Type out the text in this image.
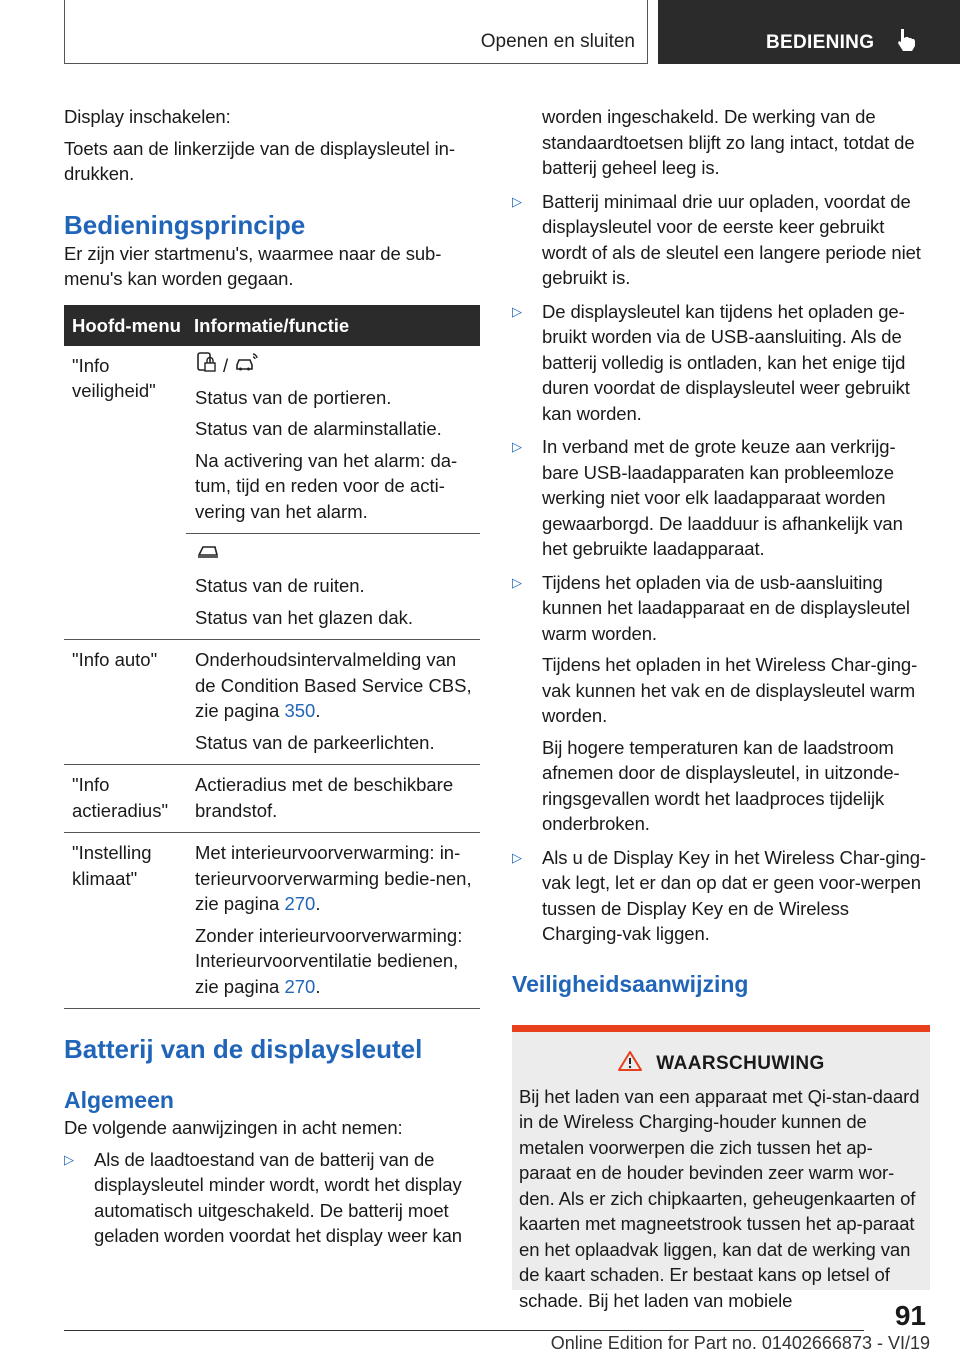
Openen en sluiten	BEDIENING

Display inschakelen:

Toets aan de linkerzijde van de displaysleutel in-drukken.

Bedieningsprincipe

Er zijn vier startmenu's, waarmee naar de sub-menu's kan worden gegaan.

Hoofd-menu	Informatie/functie
"Info veiligheid"	/
Status van de portieren.
Status van de alarminstallatie.
Na activering van het alarm: da-tum, tijd en reden voor de acti-vering van het alarm.

	Status van de ruiten.
Status van het glazen dak.

"Info auto"	Onderhoudsintervalmelding van de Condition Based Service CBS, zie pagina 350.
Status van de parkeerlichten.

"Info actieradius"	Actieradius met de beschikbare brandstof.

"Instelling klimaat"	Met interieurvoorverwarming: in-terieurvoorverwarming bedie-nen, zie pagina 270.
Zonder interieurvoorverwarming: Interieurvoorventilatie bedienen, zie pagina 270.
Batterij van de displaysleutel
Algemeen

De volgende aanwijzingen in acht nemen:

▷	Als de laadtoestand van de batterij van de displaysleutel minder wordt, wordt het display automatisch uitgeschakeld. De batterij moet geladen worden voordat het display weer kan

worden ingeschakeld. De werking van de standaardtoetsen blijft zo lang intact, totdat de batterij geheel leeg is.

▷	Batterij minimaal drie uur opladen, voordat de displaysleutel voor de eerste keer gebruikt wordt of als de sleutel een langere periode niet gebruikt is.
▷	De displaysleutel kan tijdens het opladen ge-bruikt worden via de USB-aansluiting. Als de batterij volledig is ontladen, kan het enige tijd duren voordat de displaysleutel weer gebruikt kan worden.
▷	In verband met de grote keuze aan verkrijg-bare USB-laadapparaten kan probleemloze werking niet voor elk laadapparaat worden gewaarborgd. De laadduur is afhankelijk van het gebruikte laadapparaat.
▷	Tijdens het opladen via de usb-aansluiting kunnen het laadapparaat en de displaysleutel warm worden.

Tijdens het opladen in het Wireless Char-ging-vak kunnen het vak en de displaysleutel warm worden.

Bij hogere temperaturen kan de laadstroom afnemen door de displaysleutel, in uitzonde-ringsgevallen wordt het laadproces tijdelijk onderbroken.

▷	Als u de Display Key in het Wireless Char-ging-vak legt, let er dan op dat er geen voor-werpen tussen de Display Key en de Wireless Charging-vak liggen.
Veiligheidsaanwijzing
WAARSCHUWING

Bij het laden van een apparaat met Qi-stan-daard in de Wireless Charging-houder kunnen de metalen voorwerpen die zich tussen het ap-paraat en de houder bevinden zeer warm wor-den. Als er zich chipkaarten, geheugenkaarten of kaarten met magneetstrook tussen het ap-paraat en het oplaadvak liggen, kan dat de werking van de kaart schaden. Er bestaat kans op letsel of schade. Bij het laden van mobiele	91
Online Edition for Part no. 01402666873 - VI/19
